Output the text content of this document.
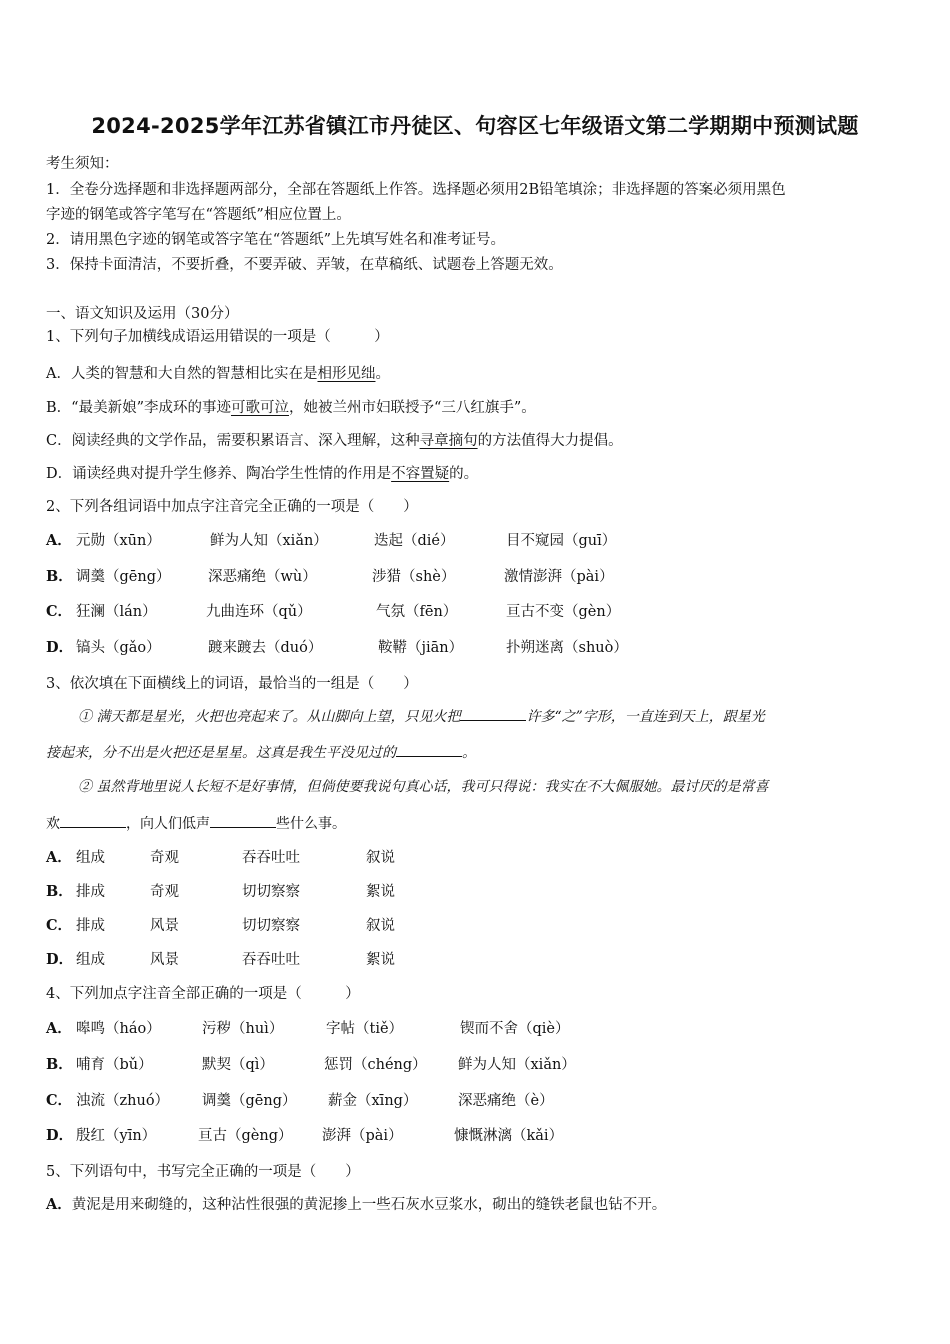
2024-2025学年江苏省镇江市丹徒区、句容区七年级语文第二学期期中预测试题
考生须知：
1．全卷分选择题和非选择题两部分，全部在答题纸上作答。选择题必须用2B铅笔填涂；非选择题的答案必须用黑色
字迹的钢笔或答字笔写在“答题纸”相应位置上。
2．请用黑色字迹的钢笔或答字笔在“答题纸”上先填写姓名和准考证号。
3．保持卡面清洁，不要折叠，不要弄破、弄皱，在草稿纸、试题卷上答题无效。
一、语文知识及运用（30分）
1、下列句子加横线成语运用错误的一项是（　　　）
A．人类的智慧和大自然的智慧相比实在是相形见绌。
B．“最美新娘”李成环的事迹可歌可泣，她被兰州市妇联授予“三八红旗手”。
C．阅读经典的文学作品，需要积累语言、深入理解，这种寻章摘句的方法值得大力提倡。
D．诵读经典对提升学生修养、陶冶学生性情的作用是不容置疑的。
2、下列各组词语中加点字注音完全正确的一项是（　　）
A． 元勋（xūn）	鲜为人知（xiǎn）	迭起（dié）	目不窥园（guī）
B． 调羹（gēng）	深恶痛绝（wù）	涉猎（shè）	激情澎湃（pài）
C． 狂澜（lán）	九曲连环（qǔ）	气氛（fēn）	亘古不变（gèn）
D． 镐头（gǎo）	踱来踱去（duó）	鞍鞯（jiān）	扑朔迷离（shuò）
3、依次填在下面横线上的词语，最恰当的一组是（　　）
① 满天都是星光，火把也亮起来了。从山脚向上望，只见火把	许多“之”字形，一直连到天上，跟星光
接起来，分不出是火把还是星星。这真是我生平没见过的	。
② 虽然背地里说人长短不是好事情，但倘使要我说句真心话，我可只得说：我实在不大佩服她。最讨厌的是常喜
欢	，向人们低声	些什么事。
A． 组成	奇观	吞吞吐吐	叙说
B． 排成	奇观	切切察察	絮说
C． 排成	风景	切切察察	叙说
D． 组成	风景	吞吞吐吐	絮说
4、下列加点字注音全部正确的一项是（　　　）
A． 嗥鸣（háo）	污秽（huì）	字帖（tiě）	锲而不舍（qiè）
B． 哺育（bǔ）	默契（qì）	惩罚（chéng） 鲜为人知（xiǎn）
C． 浊流（zhuó） 调羹（gēng） 薪金（xīng）	深恶痛绝（è）
D． 殷红（yīn）	亘古（gèng） 澎湃（pài）	慷慨淋漓（kǎi）
5、下列语句中，书写完全正确的一项是（　　）
A．黄泥是用来砌缝的，这种沾性很强的黄泥掺上一些石灰水豆浆水，砌出的缝铁老鼠也钻不开。
